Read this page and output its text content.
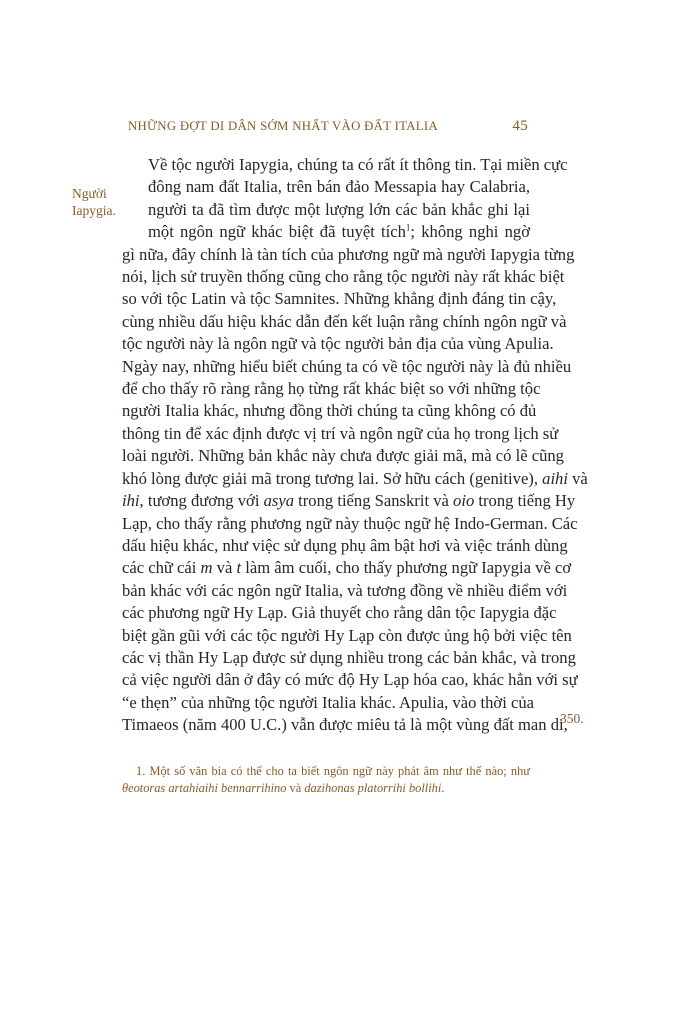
NHỮNG ĐỢT DI DÂN SỚM NHẤT VÀO ĐẤT ITALIA	45
Người
Iapygia.
350.
Về tộc người Iapygia, chúng ta có rất ít thông tin. Tại miền cực
đông nam đất Italia, trên bán đảo Messapia hay Calabria,
người ta đã tìm được một lượng lớn các bản khắc ghi lại
một ngôn ngữ khác biệt đã tuyệt tích$^1$; không nghi ngờ
gì nữa, đây chính là tàn tích của phương ngữ mà người Iapygia từng
nói, lịch sử truyền thống cũng cho rằng tộc người này rất khác biệt
so với tộc Latin và tộc Samnites. Những khẳng định đáng tin cậy,
cùng nhiều dấu hiệu khác dẫn đến kết luận rằng chính ngôn ngữ và
tộc người này là ngôn ngữ và tộc người bản địa của vùng Apulia.
Ngày nay, những hiểu biết chúng ta có về tộc người này là đủ nhiều
để cho thấy rõ ràng rằng họ từng rất khác biệt so với những tộc
người Italia khác, nhưng đồng thời chúng ta cũng không có đủ
thông tin để xác định được vị trí và ngôn ngữ của họ trong lịch sử
loài người. Những bản khắc này chưa được giải mã, mà có lẽ cũng
khó lòng được giải mã trong tương lai. Sở hữu cách (genitive), aihi và
ihi, tương đương với asya trong tiếng Sanskrit và oio trong tiếng Hy
Lạp, cho thấy rằng phương ngữ này thuộc ngữ hệ Indo-German. Các
dấu hiệu khác, như việc sử dụng phụ âm bật hơi và việc tránh dùng
các chữ cái m và t làm âm cuối, cho thấy phương ngữ Iapygia về cơ
bản khác với các ngôn ngữ Italia, và tương đồng về nhiều điểm với
các phương ngữ Hy Lạp. Giả thuyết cho rằng dân tộc Iapygia đặc
biệt gần gũi với các tộc người Hy Lạp còn được ủng hộ bởi việc tên
các vị thần Hy Lạp được sử dụng nhiều trong các bản khắc, và trong
cả việc người dân ở đây có mức độ Hy Lạp hóa cao, khác hẳn với sự
“e thẹn” của những tộc người Italia khác. Apulia, vào thời của
Timaeos (năm 400 U.C.) vẫn được miêu tả là một vùng đất man di,
1. Một số văn bia có thể cho ta biết ngôn ngữ này phát âm như thế nào; như
θeotoras artahiaihi bennarrihino và dazihonas platorrihi bollihi.
